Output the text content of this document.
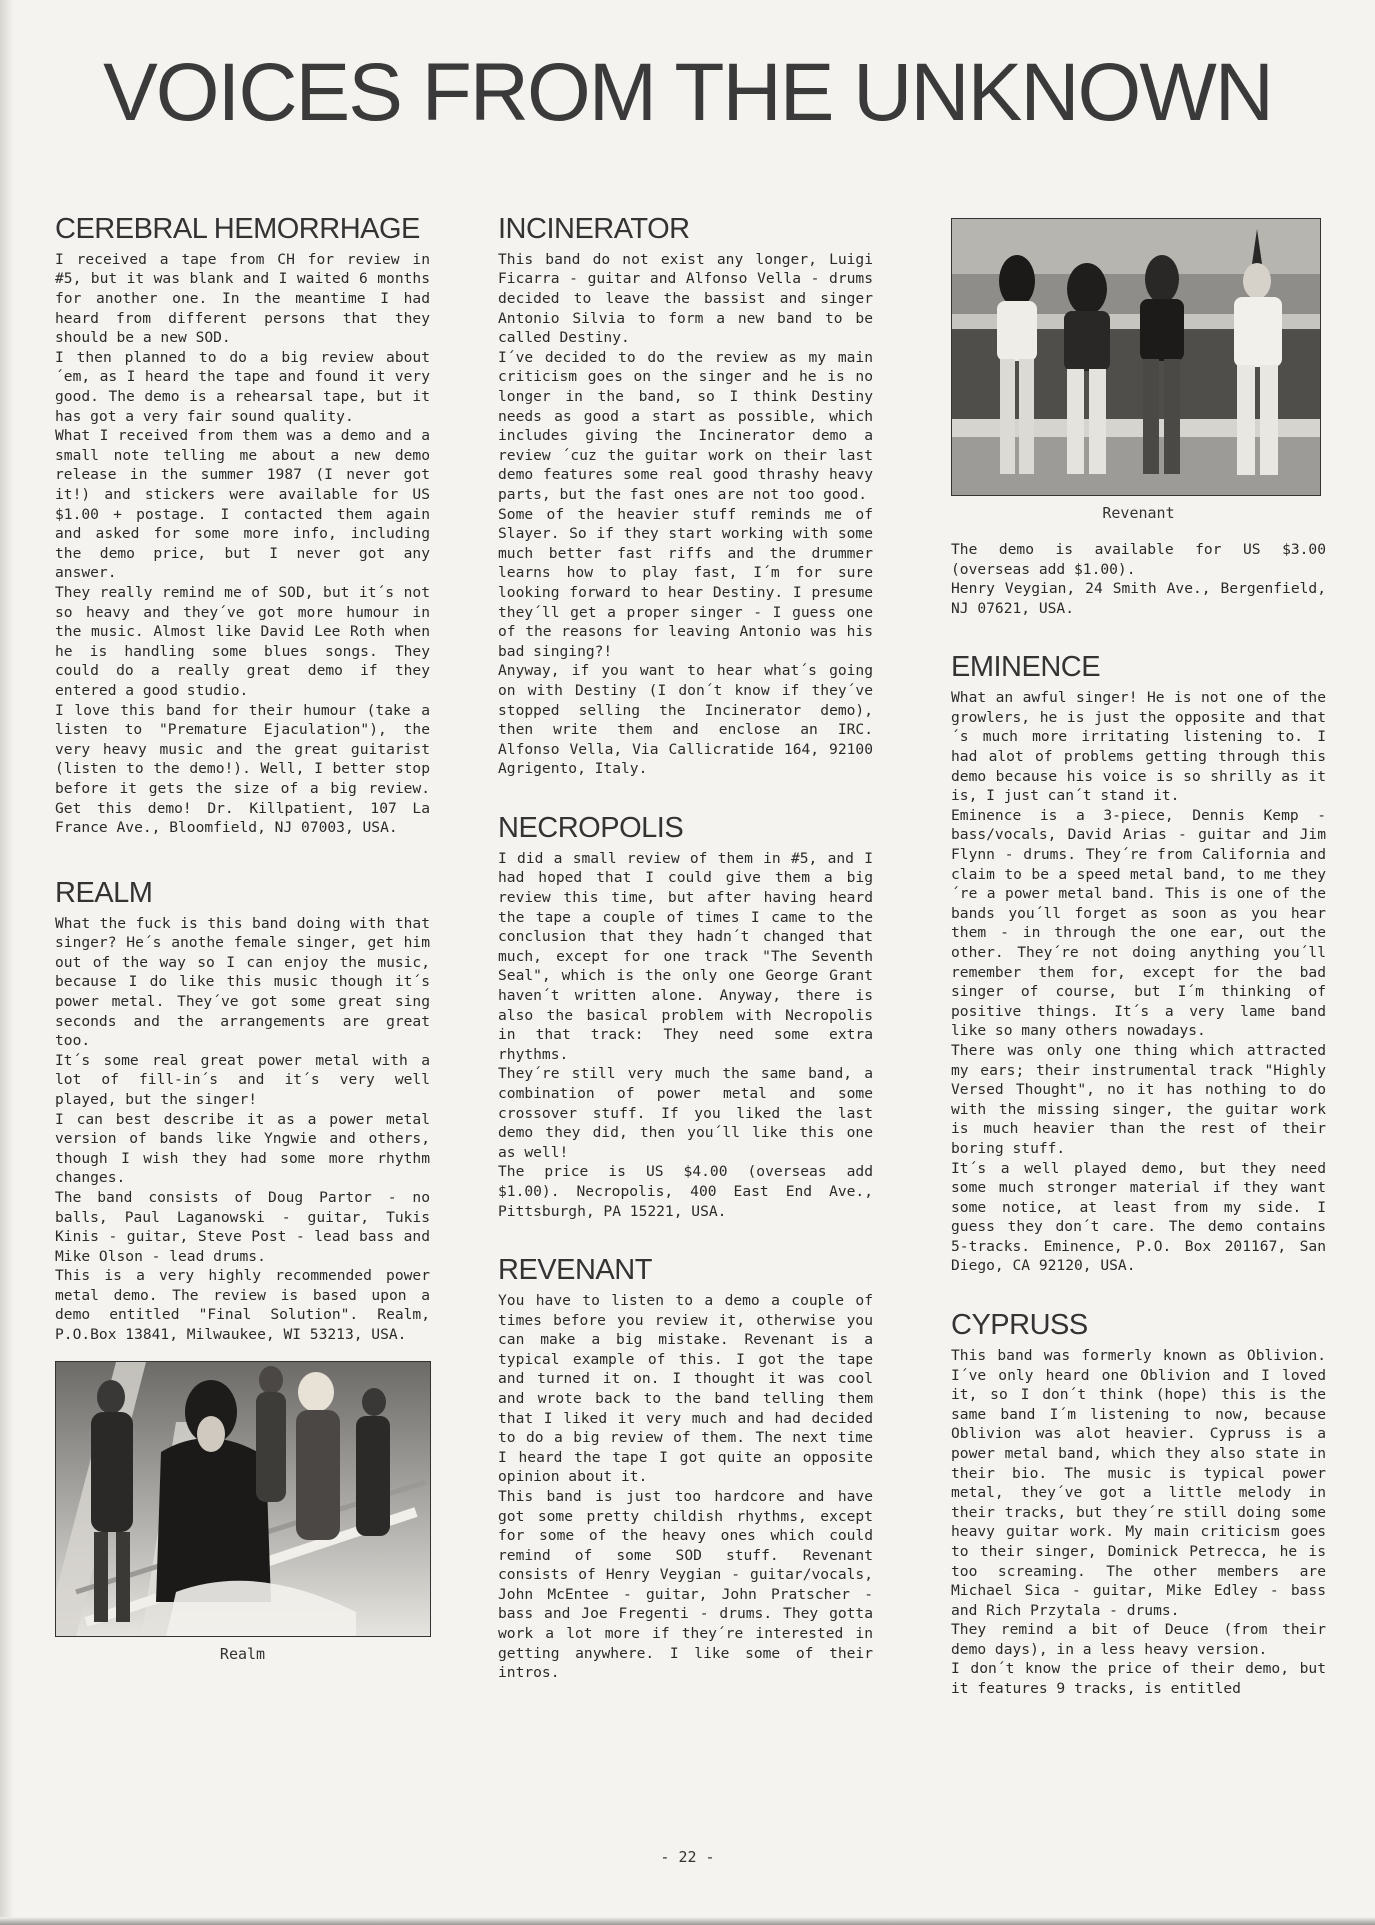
VOICES FROM THE UNKNOWN
CEREBRAL HEMORRHAGE

I received a tape from CH for review in #5, but it was blank and I waited 6 months for another one. In the meantime I had heard from different persons that they should be a new SOD.

I then planned to do a big review about´em, as I heard the tape and found it very good. The demo is a rehearsal tape, but it has got a very fair sound quality.

What I received from them was a demo and a small note telling me about a new demo release in the summer 1987 (I never got it!) and stickers were available for US $1.00 + postage. I contacted them again and asked for some more info, including the demo price, but I never got any answer.

They really remind me of SOD, but it´s not so heavy and they´ve got more humour in the music. Almost like David Lee Roth when he is handling some blues songs. They could do a really great demo if they entered a good studio.

I love this band for their humour (take a listen to "Premature Ejaculation"), the very heavy music and the great guitarist (listen to the demo!). Well, I better stop before it gets the size of a big review. Get this demo! Dr. Killpatient, 107 La France Ave., Bloomfield, NJ 07003, USA.

REALM

What the fuck is this band doing with that singer? He´s anothe female singer, get him out of the way so I can enjoy the music, because I do like this music though it´s power metal. They´ve got some great sing seconds and the arrangements are great too.

It´s some real great power metal with a lot of fill-in´s and it´s very well played, but the singer!

I can best describe it as a power metal version of bands like Yngwie and others, though I wish they had some more rhythm changes.

The band consists of Doug Partor - no balls, Paul Laganowski - guitar, Tukis Kinis - guitar, Steve Post - lead bass and Mike Olson - lead drums.

This is a very highly recommended power metal demo. The review is based upon a demo entitled "Final Solution". Realm, P.O.Box 13841, Milwaukee, WI 53213, USA.

Realm
INCINERATOR

This band do not exist any longer, Luigi Ficarra - guitar and Alfonso Vella - drums decided to leave the bassist and singer Antonio Silvia to form a new band to be called Destiny.

I´ve decided to do the review as my main criticism goes on the singer and he is no longer in the band, so I think Destiny needs as good a start as possible, which includes giving the Incinerator demo a review ´cuz the guitar work on their last demo features some real good thrashy heavy parts, but the fast ones are not too good.

Some of the heavier stuff reminds me of Slayer. So if they start working with some much better fast riffs and the drummer learns how to play fast, I´m for sure looking forward to hear Destiny. I presume they´ll get a proper singer - I guess one of the reasons for leaving Antonio was his bad singing?!

Anyway, if you want to hear what´s going on with Destiny (I don´t know if they´ve stopped selling the Incinerator demo), then write them and enclose an IRC. Alfonso Vella, Via Callicratide 164, 92100 Agrigento, Italy.

NECROPOLIS

I did a small review of them in #5, and I had hoped that I could give them a big review this time, but after having heard the tape a couple of times I came to the conclusion that they hadn´t changed that much, except for one track "The Seventh Seal", which is the only one George Grant haven´t written alone. Anyway, there is also the basical problem with Necropolis in that track: They need some extra rhythms.

They´re still very much the same band, a combination of power metal and some crossover stuff. If you liked the last demo they did, then you´ll like this one as well!

The price is US $4.00 (overseas add $1.00). Necropolis, 400 East End Ave., Pittsburgh, PA 15221, USA.

REVENANT

You have to listen to a demo a couple of times before you review it, otherwise you can make a big mistake. Revenant is a typical example of this. I got the tape and turned it on. I thought it was cool and wrote back to the band telling them that I liked it very much and had decided to do a big review of them. The next time I heard the tape I got quite an opposite opinion about it.

This band is just too hardcore and have got some pretty childish rhythms, except for some of the heavy ones which could remind of some SOD stuff. Revenant consists of Henry Veygian - guitar/vocals, John McEntee - guitar, John Pratscher - bass and Joe Fregenti - drums. They gotta work a lot more if they´re interested in getting anywhere. I like some of their intros.

Revenant

The demo is available for US $3.00 (overseas add $1.00).

Henry Veygian, 24 Smith Ave., Bergenfield, NJ 07621, USA.

EMINENCE

What an awful singer! He is not one of the growlers, he is just the opposite and that´s much more irritating listening to. I had alot of problems getting through this demo because his voice is so shrilly as it is, I just can´t stand it.

Eminence is a 3-piece, Dennis Kemp - bass/vocals, David Arias - guitar and Jim Flynn - drums. They´re from California and claim to be a speed metal band, to me they´re a power metal band. This is one of the bands you´ll forget as soon as you hear them - in through the one ear, out the other. They´re not doing anything you´ll remember them for, except for the bad singer of course, but I´m thinking of positive things. It´s a very lame band like so many others nowadays.

There was only one thing which attracted my ears; their instrumental track "Highly Versed Thought", no it has nothing to do with the missing singer, the guitar work is much heavier than the rest of their boring stuff.

It´s a well played demo, but they need some much stronger material if they want some notice, at least from my side. I guess they don´t care. The demo contains 5-tracks. Eminence, P.O. Box 201167, San Diego, CA 92120, USA.

CYPRUSS

This band was formerly known as Oblivion. I´ve only heard one Oblivion and I loved it, so I don´t think (hope) this is the same band I´m listening to now, because Oblivion was alot heavier. Cypruss is a power metal band, which they also state in their bio. The music is typical power metal, they´ve got a little melody in their tracks, but they´re still doing some heavy guitar work. My main criticism goes to their singer, Dominick Petrecca, he is too screaming. The other members are Michael Sica - guitar, Mike Edley - bass and Rich Przytala - drums.

They remind a bit of Deuce (from their demo days), in a less heavy version.

I don´t know the price of their demo, but it features 9 tracks, is entitled

- 22 -
